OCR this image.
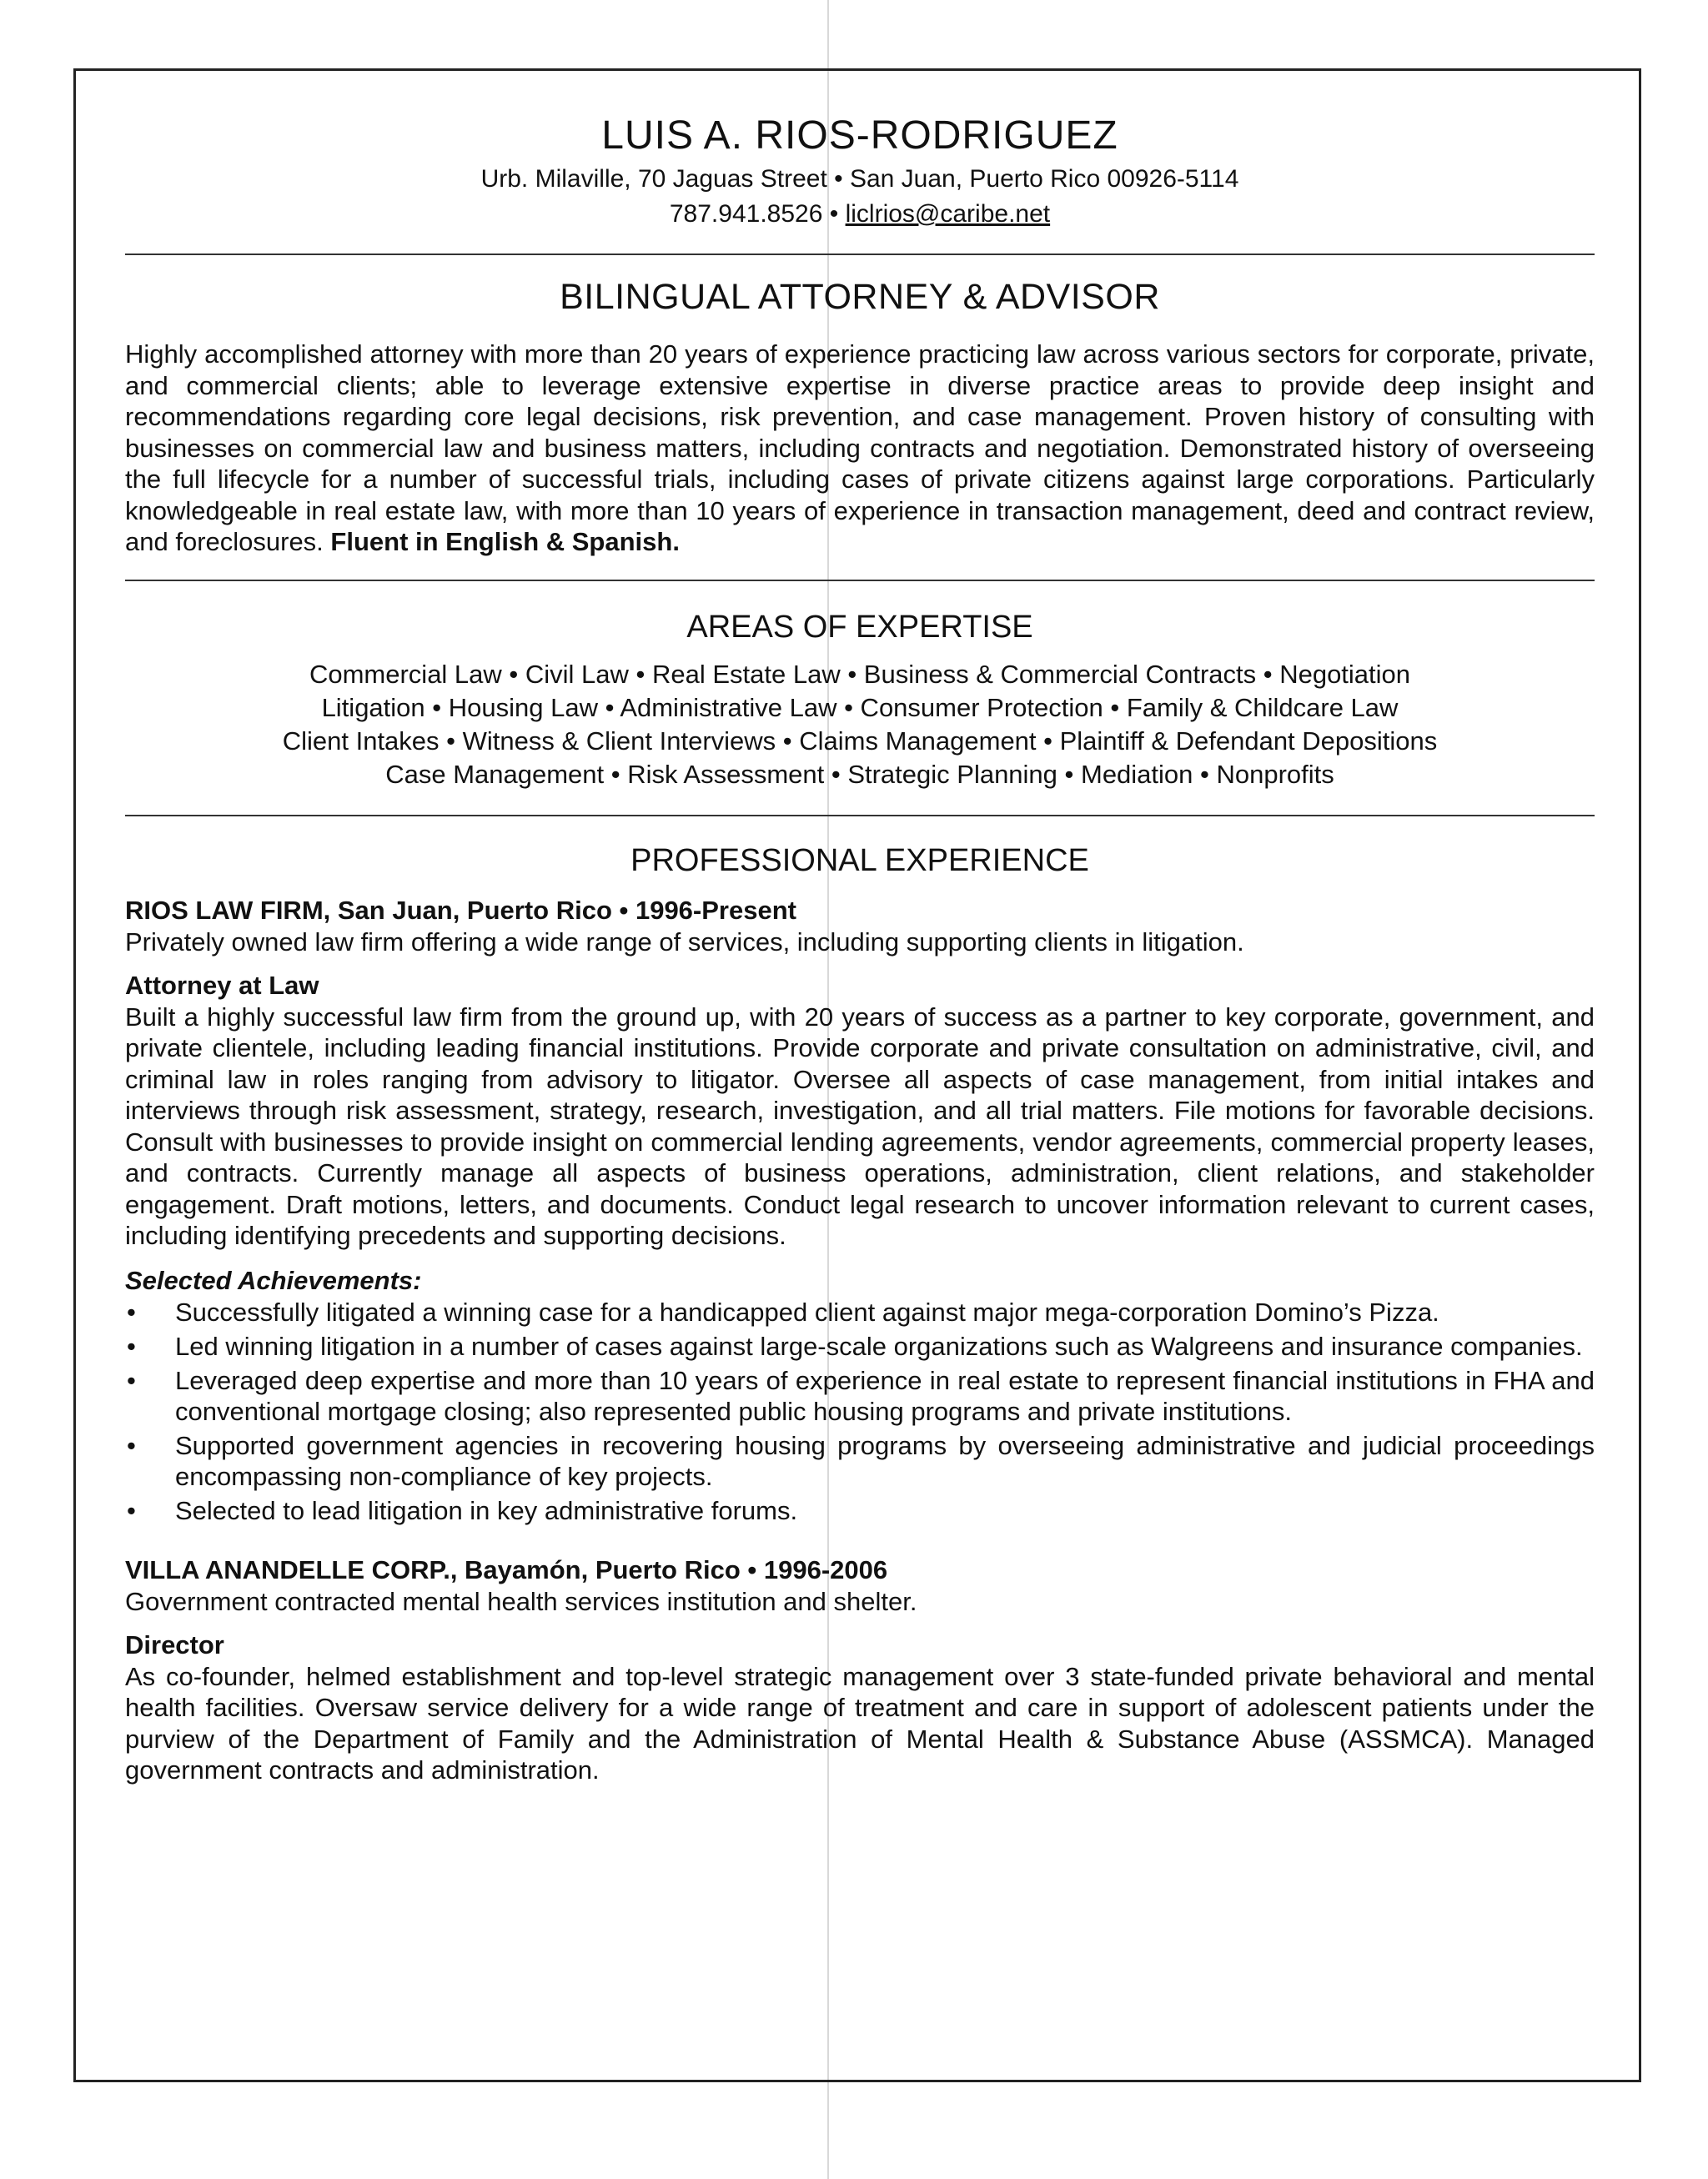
LUIS A. RIOS-RODRIGUEZ

Urb. Milaville, 70 Jaguas Street • San Juan, Puerto Rico 00926-5114

787.941.8526 • liclrios@caribe.net

BILINGUAL ATTORNEY & ADVISOR

Highly accomplished attorney with more than 20 years of experience practicing law across various sectors for corporate, private, and commercial clients; able to leverage extensive expertise in diverse practice areas to provide deep insight and recommendations regarding core legal decisions, risk prevention, and case management. Proven history of consulting with businesses on commercial law and business matters, including contracts and negotiation. Demonstrated history of overseeing the full lifecycle for a number of successful trials, including cases of private citizens against large corporations. Particularly knowledgeable in real estate law, with more than 10 years of experience in transaction management, deed and contract review, and foreclosures. Fluent in English & Spanish.

AREAS OF EXPERTISE

Commercial Law • Civil Law • Real Estate Law • Business & Commercial Contracts • Negotiation

Litigation • Housing Law • Administrative Law • Consumer Protection • Family & Childcare Law

Client Intakes • Witness & Client Interviews • Claims Management • Plaintiff & Defendant Depositions

Case Management • Risk Assessment • Strategic Planning • Mediation • Nonprofits

PROFESSIONAL EXPERIENCE

RIOS LAW FIRM, San Juan, Puerto Rico • 1996-Present

Privately owned law firm offering a wide range of services, including supporting clients in litigation.

Attorney at Law

Built a highly successful law firm from the ground up, with 20 years of success as a partner to key corporate, government, and private clientele, including leading financial institutions. Provide corporate and private consultation on administrative, civil, and criminal law in roles ranging from advisory to litigator. Oversee all aspects of case management, from initial intakes and interviews through risk assessment, strategy, research, investigation, and all trial matters. File motions for favorable decisions. Consult with businesses to provide insight on commercial lending agreements, vendor agreements, commercial property leases, and contracts. Currently manage all aspects of business operations, administration, client relations, and stakeholder engagement. Draft motions, letters, and documents. Conduct legal research to uncover information relevant to current cases, including identifying precedents and supporting decisions.

Selected Achievements:

•	Successfully litigated a winning case for a handicapped client against major mega-corporation Domino’s Pizza.
•	Led winning litigation in a number of cases against large-scale organizations such as Walgreens and insurance companies.
•	Leveraged deep expertise and more than 10 years of experience in real estate to represent financial institutions in FHA and conventional mortgage closing; also represented public housing programs and private institutions.
•	Supported government agencies in recovering housing programs by overseeing administrative and judicial proceedings encompassing non-compliance of key projects.
•	Selected to lead litigation in key administrative forums.

VILLA ANANDELLE CORP., Bayamón, Puerto Rico • 1996-2006

Government contracted mental health services institution and shelter.

Director

As co-founder, helmed establishment and top-level strategic management over 3 state-funded private behavioral and mental health facilities. Oversaw service delivery for a wide range of treatment and care in support of adolescent patients under the purview of the Department of Family and the Administration of Mental Health & Substance Abuse (ASSMCA). Managed government contracts and administration.
